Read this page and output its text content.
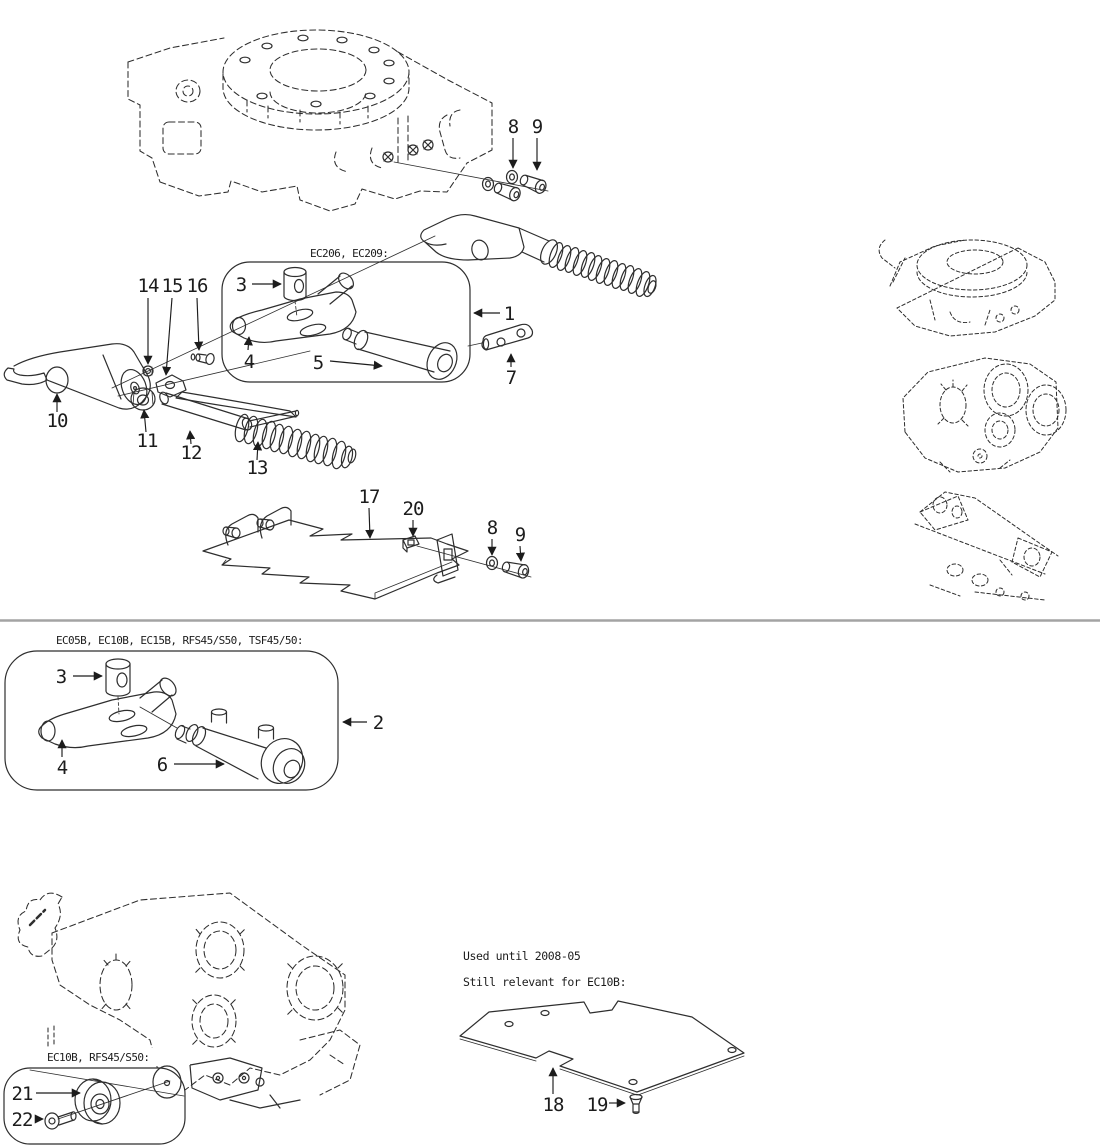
EC206, EC209:
EC05B, EC10B, EC15B, RFS45/S50, TSF45/50:
EC10B, RFS45/S50:
Used until 2008-05
Still relevant for EC10B:
8 9
3
14 15 16
4	5
1
7
10
11
12
13
17
20
8 9
3
4	6
2
21
22
18 19
